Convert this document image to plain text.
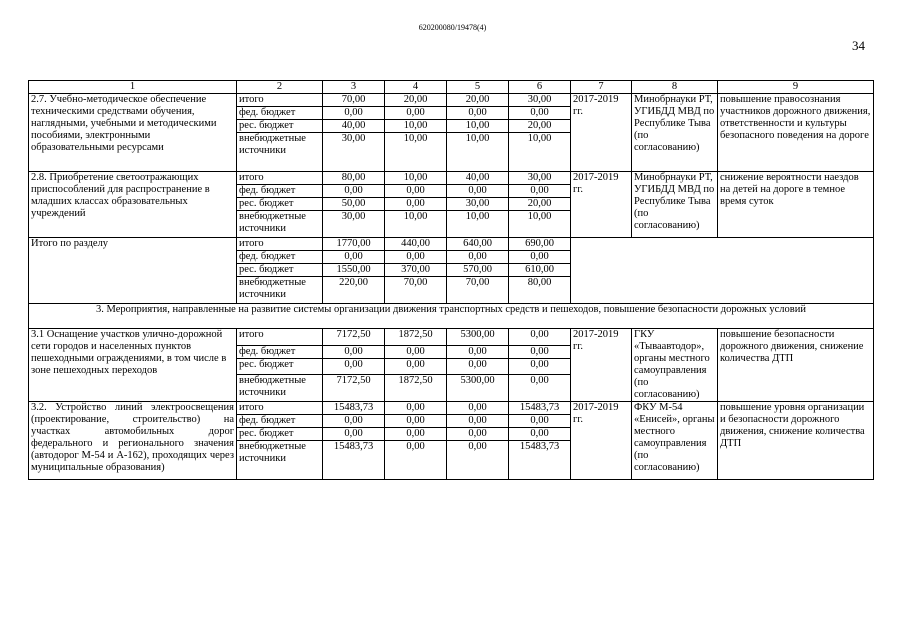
620200080/19478(4)
34
1	2	3	4	5	6	7	8	9
2.7. Учебно-методическое обеспечение техническими средствами обучения, наглядными, учебными и методическими пособиями, электронными образовательными ресурсами	итого	70,00	20,00	20,00	30,00	2017-2019 гг.	Минобрнауки РТ, УГИБДД МВД по Республике Тыва (по согласованию)	повышение правосознания участников дорожного движения, ответственности и культуры безопасного поведения на дороге
	фед. бюджет	0,00	0,00	0,00	0,00			
	рес. бюджет	40,00	10,00	10,00	20,00			
	внебюджетные источники	30,00	10,00	10,00	10,00			
2.8. Приобретение светоотражающих приспособлений для распространение в младших классах образовательных учреждений	итого	80,00	10,00	40,00	30,00	2017-2019 гг.	Минобрнауки РТ, УГИБДД МВД по Республике Тыва (по согласованию)	снижение вероятности наездов на детей на дороге в темное время суток
	фед. бюджет	0,00	0,00	0,00	0,00			
	рес. бюджет	50,00	0,00	30,00	20,00			
	внебюджетные источники	30,00	10,00	10,00	10,00			
Итого по разделу	итого	1770,00	440,00	640,00	690,00			
	фед. бюджет	0,00	0,00	0,00	0,00			
	рес. бюджет	1550,00	370,00	570,00	610,00			
	внебюджетные источники	220,00	70,00	70,00	80,00			
3. Мероприятия, направленные на развитие системы организации движения транспортных средств и пешеходов, повышение безопасности дорожных условий								
3.1 Оснащение участков улично-дорожной сети городов и населенных пунктов пешеходными ограждениями, в том числе в зоне пешеходных переходов	итого	7172,50	1872,50	5300,00	0,00	2017-2019 гг.	ГКУ «Тываавтодор», органы местного самоуправления (по согласованию)	повышение безопасности дорожного движения, снижение количества ДТП
	фед. бюджет	0,00	0,00	0,00	0,00			
	рес. бюджет	0,00	0,00	0,00	0,00			
	внебюджетные источники	7172,50	1872,50	5300,00	0,00			
3.2. Устройство линий электроосвещения (проектирование, строительство) на участках автомобильных дорог федерального и регионального значения (автодорог М-54 и А-162), проходящих через муниципальные образования)	итого	15483,73	0,00	0,00	15483,73	2017-2019 гг.	ФКУ М-54 «Енисей», органы местного самоуправления (по согласованию)	повышение уровня организации и безопасности дорожного движения, снижение количества ДТП
	фед. бюджет	0,00	0,00	0,00	0,00			
	рес. бюджет	0,00	0,00	0,00	0,00			
	внебюджетные источники	15483,73	0,00	0,00	15483,73			
